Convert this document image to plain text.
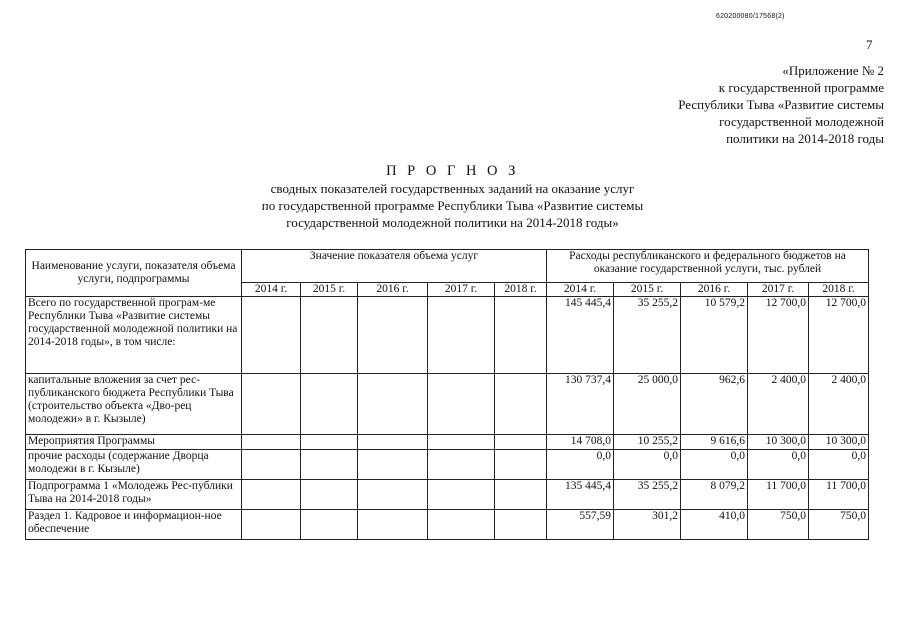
620200080/17568(2)
7
«Приложение № 2
к государственной программе
Республики Тыва «Развитие системы
государственной молодежной
политики на 2014-2018 годы
П Р О Г Н О З
сводных показателей государственных заданий на оказание услуг
по государственной программе Республики Тыва «Развитие системы
государственной молодежной политики на 2014-2018 годы»
Наименование услуги, показателя объема услуги, подпрограммы	Значение показателя объема услуг					Расходы республиканского и федерального бюджетов на оказание государственной услуги, тыс. рублей				
	2014 г.	2015 г.	2016 г.	2017 г.	2018 г.	2014 г.	2015 г.	2016 г.	2017 г.	2018 г.
Всего по государственной програм-ме Республики Тыва «Развитие системы государственной молодежной политики на 2014-2018 годы», в том числе:						145 445,4	35 255,2	10 579,2	12 700,0	12 700,0
капитальные вложения за счет рес-публиканского бюджета Республики Тыва (строительство объекта «Дво-рец молодежи» в г. Кызыле)						130 737,4	25 000,0	962,6	2 400,0	2 400,0
Мероприятия Программы						14 708,0	10 255,2	9 616,6	10 300,0	10 300,0
прочие расходы (содержание Дворца молодежи в г. Кызыле)						0,0	0,0	0,0	0,0	0,0
Подпрограмма 1 «Молодежь Рес-публики Тыва на 2014-2018 годы»						135 445,4	35 255,2	8 079,2	11 700,0	11 700,0
Раздел 1. Кадровое и информацион-ное обеспечение						557,59	301,2	410,0	750,0	750,0
